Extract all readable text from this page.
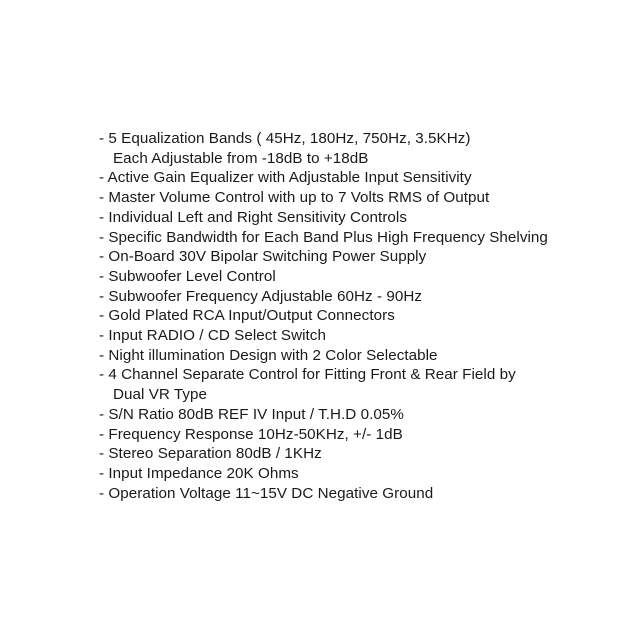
- 5 Equalization Bands ( 45Hz, 180Hz, 750Hz, 3.5KHz)
Each Adjustable from -18dB to +18dB
- Active Gain Equalizer with Adjustable Input Sensitivity
- Master Volume Control with up to 7 Volts RMS of Output
- Individual Left and Right Sensitivity Controls
- Specific Bandwidth for Each Band Plus High Frequency Shelving
- On-Board 30V Bipolar Switching Power Supply
- Subwoofer Level Control
- Subwoofer Frequency Adjustable 60Hz - 90Hz
- Gold Plated RCA Input/Output Connectors
- Input RADIO / CD Select Switch
- Night illumination Design with 2 Color Selectable
- 4 Channel Separate Control for Fitting Front & Rear Field by
Dual VR Type
- S/N Ratio 80dB REF IV Input / T.H.D 0.05%
- Frequency Response 10Hz-50KHz, +/- 1dB
- Stereo Separation 80dB / 1KHz
- Input Impedance 20K Ohms
- Operation Voltage 11~15V DC Negative Ground
